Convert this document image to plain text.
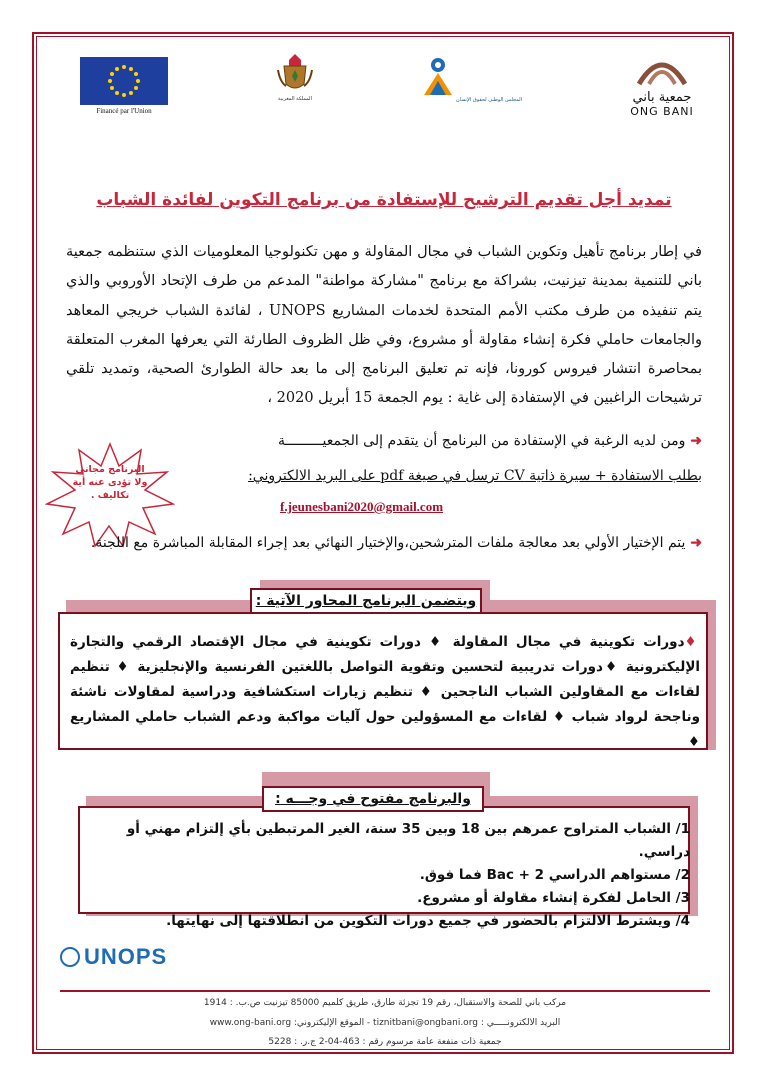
Financé par l'Union
المملكة المغربية	المجلس الوطني لحقوق الإنسان	جمعية باني
ONG BANI
تمديد أجل تقديم الترشيح للإستفادة من برنامج التكوين لفائدة الشباب
في إطار برنامج تأهيل وتكوين الشباب في مجال المقاولة و مهن تكنولوجيا المعلوميات الذي ستنظمه جمعية باني للتنمية بمدينة تيزنيت، بشراكة مع برنامج "مشاركة مواطنة" المدعم من طرف الإتحاد الأوروبي والذي يتم تنفيذه من طرف مكتب الأمم المتحدة لخدمات المشاريع UNOPS ، لفائدة الشباب خريجي المعاهد والجامعات حاملي فكرة إنشاء مقاولة أو مشروع، وفي ظل الظروف الطارئة التي يعرفها المغرب المتعلقة بمحاصرة انتشار فيروس كورونا، فإنه تم تعليق البرنامج إلى ما بعد حالة الطوارئ الصحية، وتمديد تلقي ترشيحات الراغبين في الإستفادة إلى غاية : يوم الجمعة 15 أبريل 2020 ،
➜ ومن لديه الرغبة في الإستفادة من البرنامج أن يتقدم إلى الجمعيـــــــــة
بطلب الاستفادة + سيرة ذاتية CV ترسل في صيغة pdf على البريد الالكتروني:
f.jeunesbani2020@gmail.com
البرنامج مجاني ولا تؤدى عنه أية تكاليف .
➜ يتم الإختيار الأولي بعد معالجة ملفات المترشحين،والإختيار النهائي بعد إجراء المقابلة المباشرة مع اللجنة.
ويتضمن البرنامج المحاور الآتية :
♦دورات تكوينية في مجال المقاولة ♦ دورات تكوينية في مجال الإقتصاد الرقمي والتجارة الإليكترونية ♦دورات تدريبية لتحسين وتقوية التواصل باللغتين الفرنسية والإنجليزية ♦ تنظيم لقاءات مع المقاولين الشباب الناجحين ♦ تنظيم زيارات استكشافية ودراسية لمقاولات ناشئة وناجحة لرواد شباب ♦ لقاءات مع المسؤولين حول آليات مواكبة ودعم الشباب حاملي المشاريع ♦
والبرنامج مفتوح في وجـــه :
1/ الشباب المتراوح عمرهم بين 18 وبين 35 سنة، الغير المرتبطين بأي إلتزام مهني أو دراسي.
2/ مستواهم الدراسي Bac + 2 فما فوق.
3/ الحامل لفكرة إنشاء مقاولة أو مشروع.
4/ ويشترط الالتزام بالحضور في جميع دورات التكوين من انطلاقتها إلى نهايتها.
UNOPS
مركب باني للصحة والاستقبال، رقم 19 تجزئة طارق، طريق كلميم 85000 تيزنيت ص.ب. : 1914
البريد الالكترونـــــي : tiznitbani@ongbani.org - الموقع الإليكتروني: www.ong-bani.org
جمعية ذات منفعة عامة مرسوم رقم : 463-04-2 ج.ر. : 5228
